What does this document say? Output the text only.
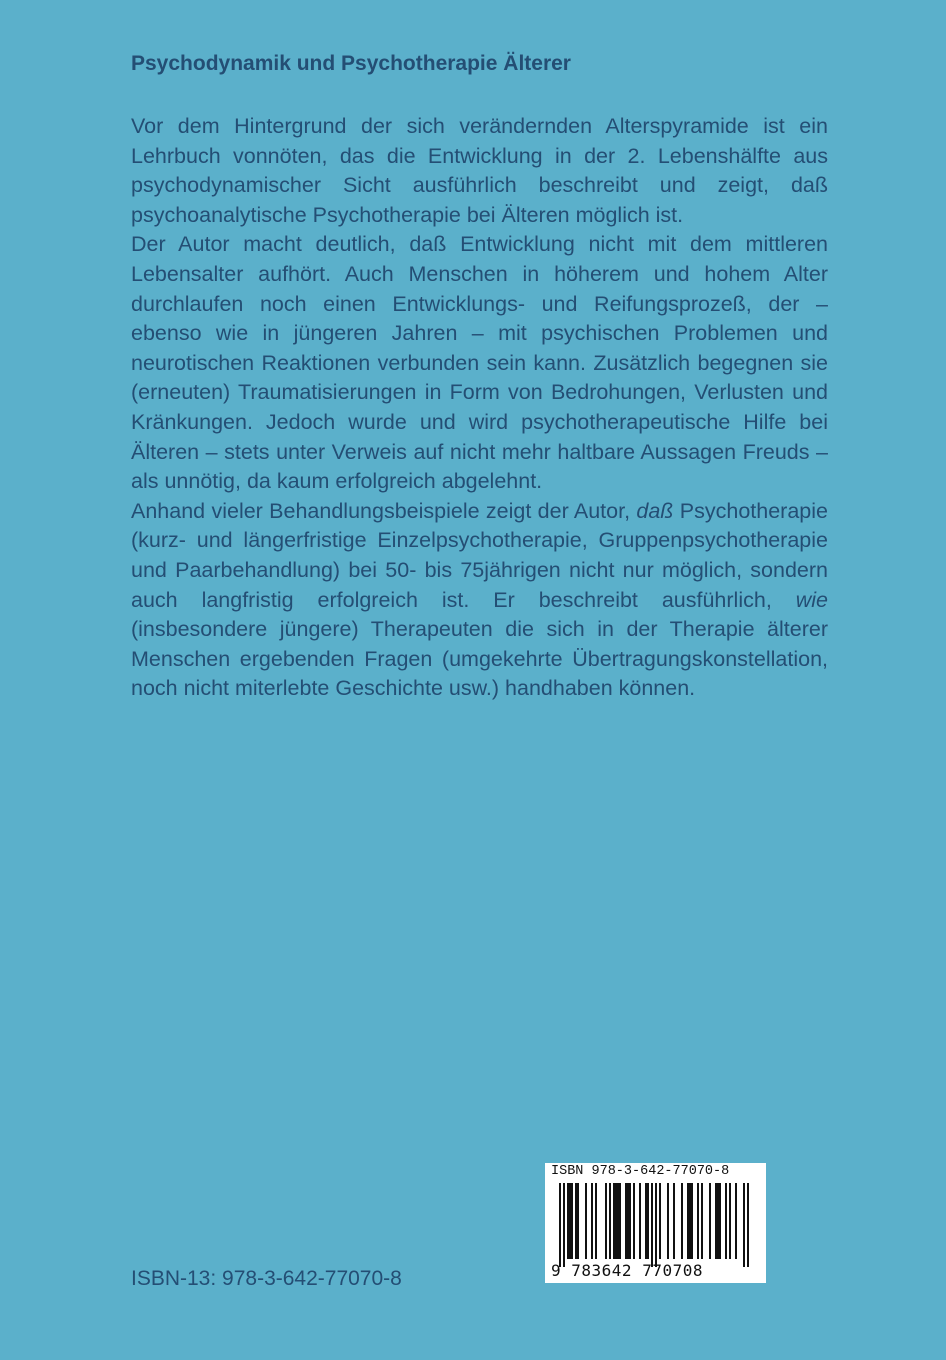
Psychodynamik und Psychotherapie Älterer

Vor dem Hintergrund der sich verändernden Alterspyramide ist ein Lehrbuch vonnöten, das die Entwicklung in der 2. Lebenshälfte aus psychodynamischer Sicht ausführlich beschreibt und zeigt, daß psychoanalytische Psychotherapie bei Älteren möglich ist.

Der Autor macht deutlich, daß Entwicklung nicht mit dem mittleren Lebensalter aufhört. Auch Menschen in höherem und hohem Alter durchlaufen noch einen Entwicklungs- und Reifungsprozeß, der – ebenso wie in jüngeren Jahren – mit psychischen Problemen und neurotischen Reaktionen verbunden sein kann. Zusätzlich begegnen sie (erneuten) Traumatisierungen in Form von Bedrohungen, Verlusten und Kränkungen. Jedoch wurde und wird psychotherapeutische Hilfe bei Älteren – stets unter Verweis auf nicht mehr haltbare Aussagen Freuds – als unnötig, da kaum erfolgreich abgelehnt.

Anhand vieler Behandlungsbeispiele zeigt der Autor, daß Psychotherapie (kurz- und längerfristige Einzelpsychotherapie, Gruppenpsychotherapie und Paarbehandlung) bei 50- bis 75jährigen nicht nur möglich, sondern auch langfristig erfolgreich ist. Er beschreibt ausführlich, wie (insbesondere jüngere) Therapeuten die sich in der Therapie älterer Menschen ergebenden Fragen (umgekehrte Übertragungskonstellation, noch nicht miterlebte Geschichte usw.) handhaben können.

ISBN-13: 978-3-642-77070-8
ISBN 978-3-642-77070-8
9 783642 770708
